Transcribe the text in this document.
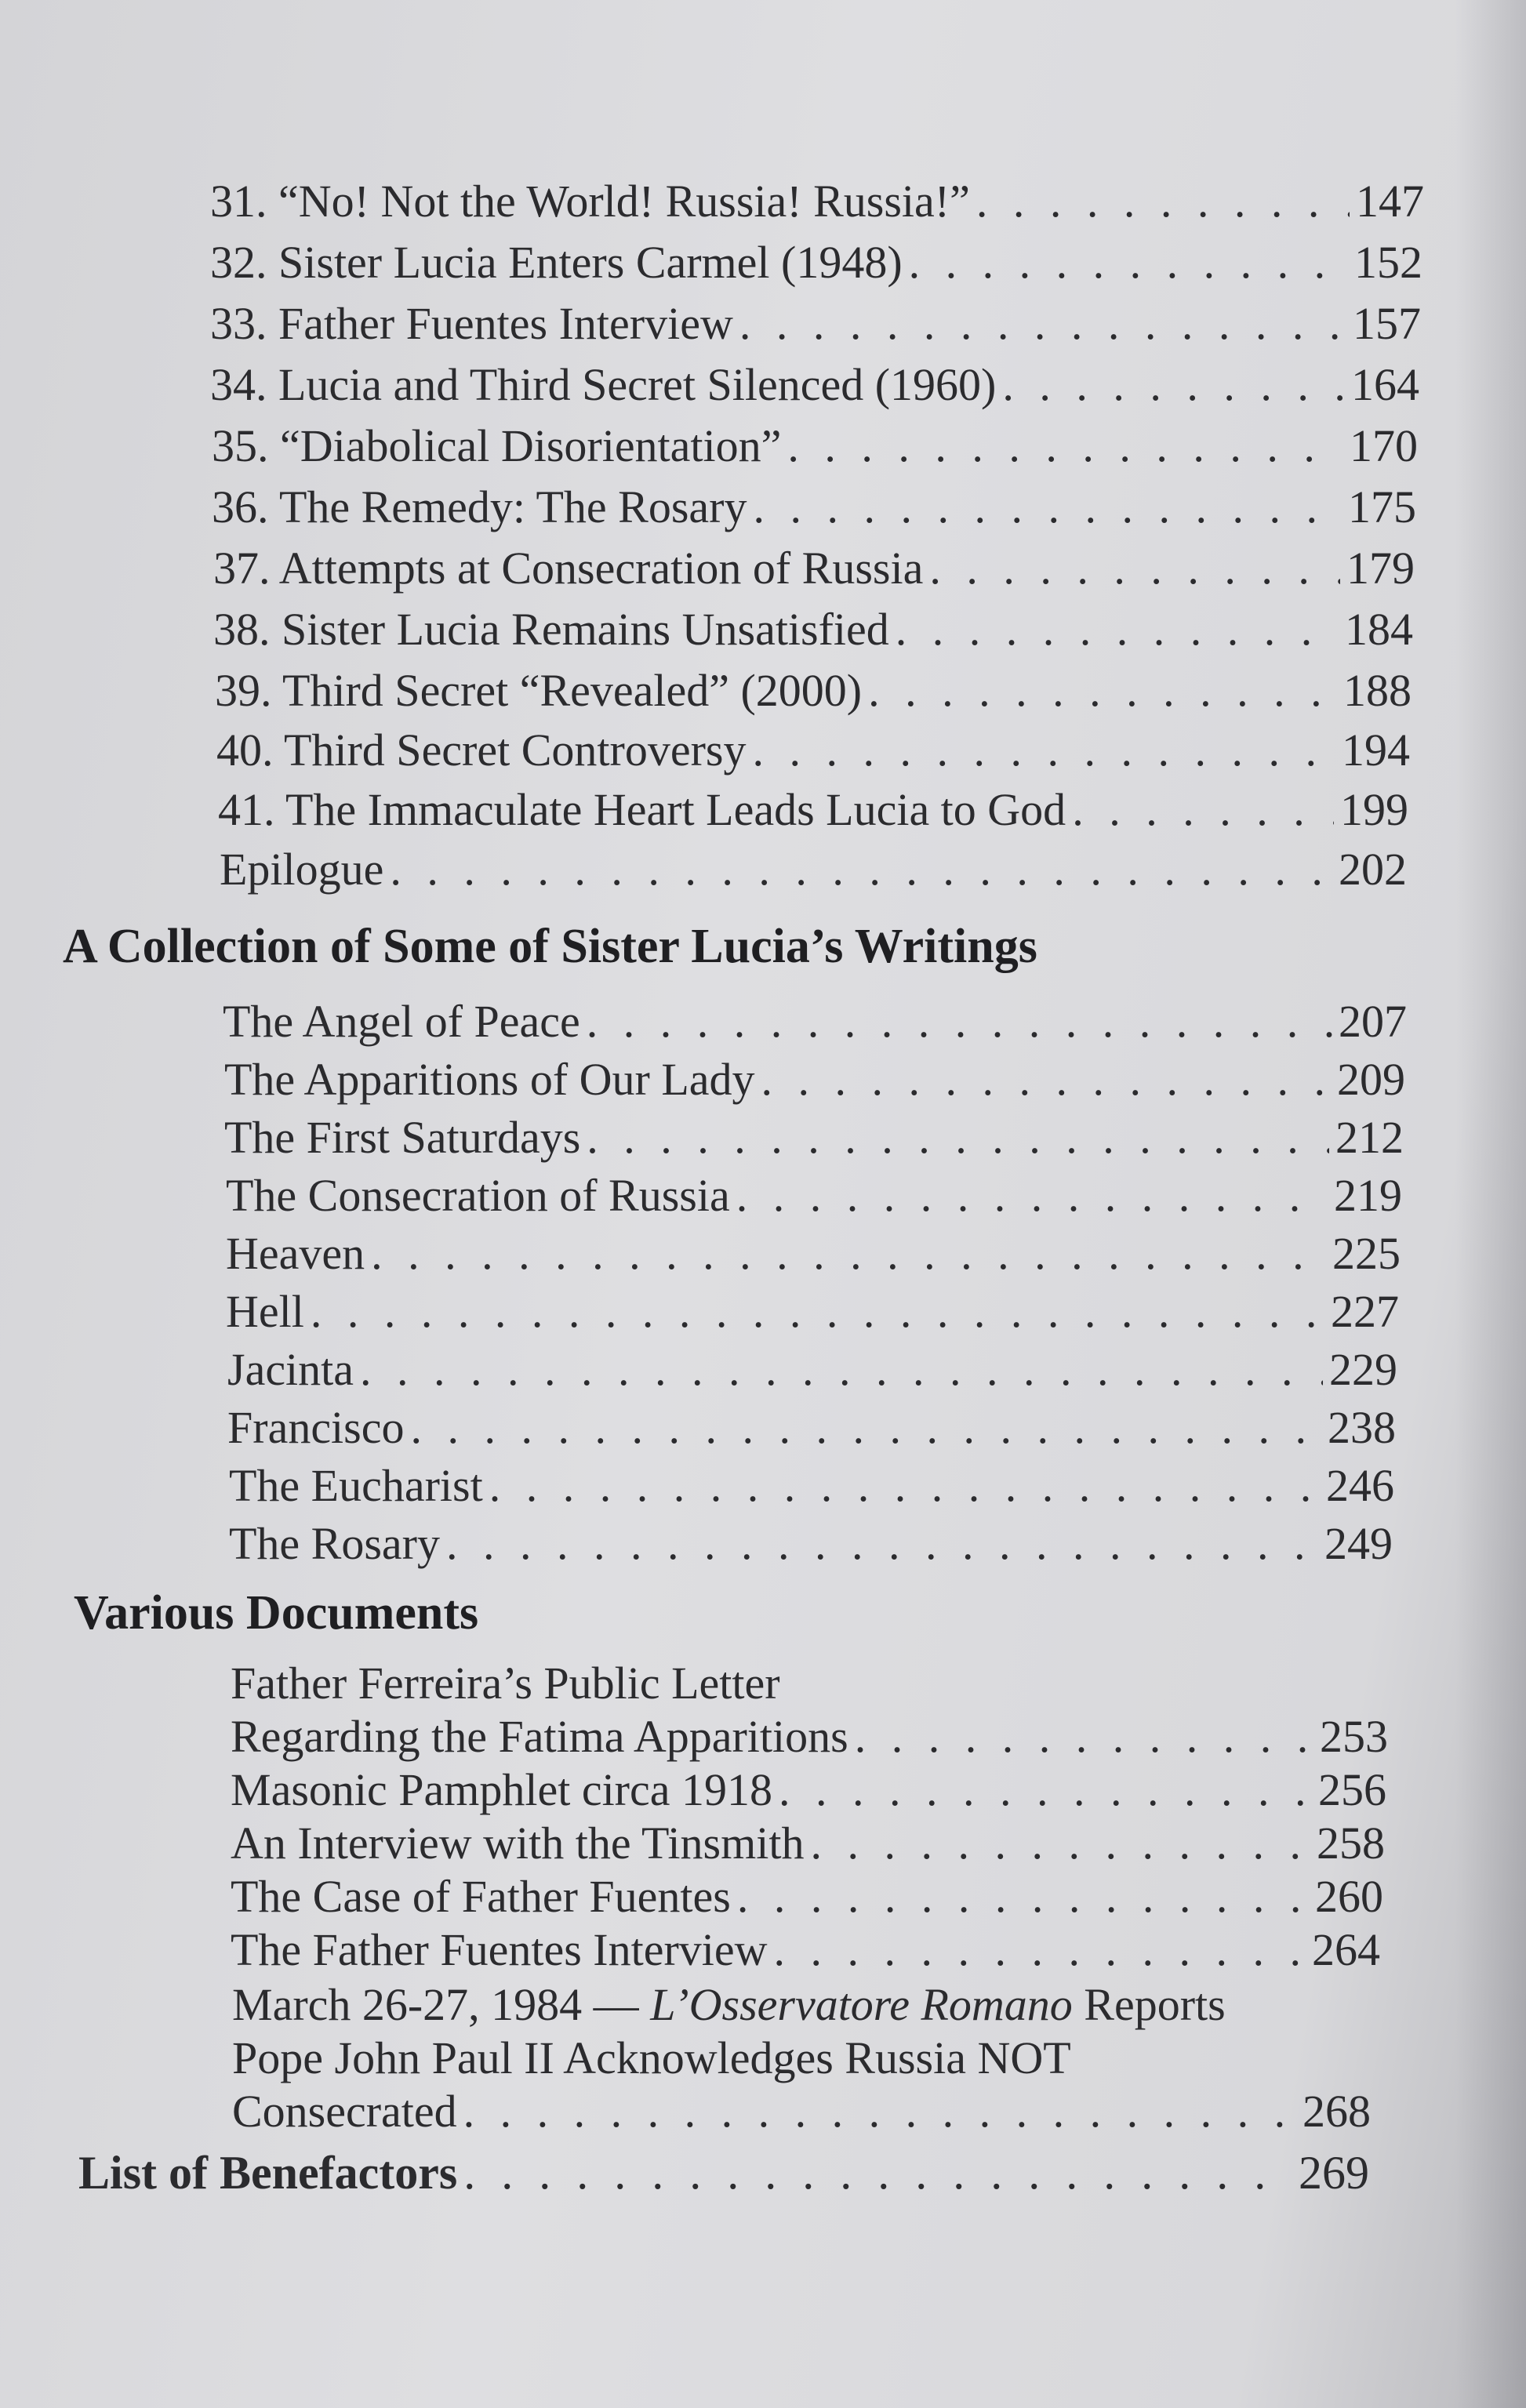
31. “No! Not the World! Russia! Russia!” . . .	147
32. Sister Lucia Enters Carmel (1948) . . .	152
33. Father Fuentes Interview . . .	157
34. Lucia and Third Secret Silenced (1960) . . .	164
35. “Diabolical Disorientation” . . .	170
36. The Remedy: The Rosary . . .	175
37. Attempts at Consecration of Russia . . .	179
38. Sister Lucia Remains Unsatisfied . . .	184
39. Third Secret “Revealed” (2000) . . .	188
40. Third Secret Controversy . . .	194
41. The Immaculate Heart Leads Lucia to God . . .	199
Epilogue . . .	202
A Collection of Some of Sister Lucia’s Writings
The Angel of Peace . . .	207
The Apparitions of Our Lady . . .	209
The First Saturdays . . .	212
The Consecration of Russia . . .	219
Heaven . . .	225
Hell . . .	227
Jacinta . . .	229
Francisco . . .	238
The Eucharist . . .	246
The Rosary . . .	249
Various Documents
Father Ferreira’s Public Letter
Regarding the Fatima Apparitions . . .	253
Masonic Pamphlet circa 1918 . . .	256
An Interview with the Tinsmith . . .	258
The Case of Father Fuentes . . .	260
The Father Fuentes Interview . . .	264
March 26-27, 1984 — L’Osservatore Romano Reports
Pope John Paul II Acknowledges Russia NOT
Consecrated . . .	268
List of Benefactors . . .	269
